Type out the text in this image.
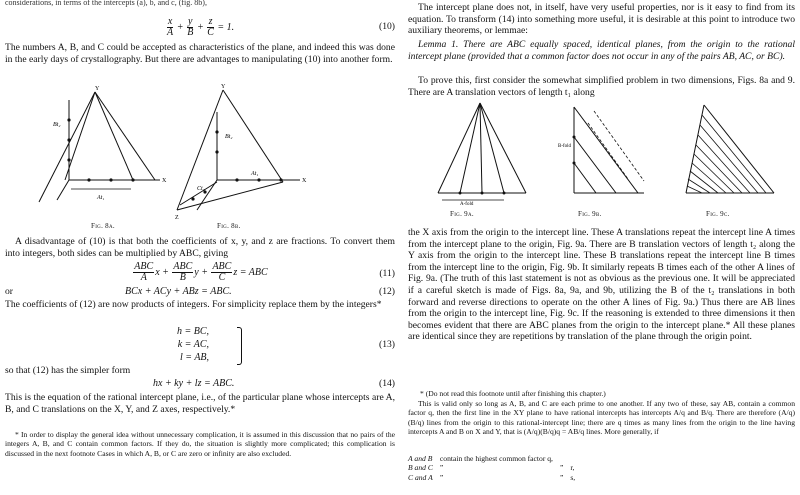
considerations, in terms of the intercepts (a), b, and c, (fig. 8b),
$\frac{x}{A} + \frac{y}{B} + \frac{z}{C} = 1$.	(10)

The numbers A, B, and C could be accepted as characteristics of the plane, and indeed this was done in the early days of crystallography. But there are advantages to manipulating (10) into another form.

At₁
Bt₂
Y
X
Fig. 8a.
Bt₂
At₁
Ct₃
Y
X
Z
Fig. 8b.

A disadvantage of (10) is that both the coefficients of x, y, and z are fractions. To convert them into integers, both sides can be multiplied by ABC, giving

$\frac{\text{ABC}}{A}$ $x + \frac{\text{ABC}}{B}$ $y + \frac{\text{ABC}}{C}$ z = ABC	(11)
or	BCx + ACy + ABz = ABC.	(12)

The coefficients of (12) are now products of integers. For simplicity replace them by the integers*

h = BC,
k = AC,
l = AB,
(13)

so that (12) has the simpler form

hx + ky + lz = ABC.	(14)

This is the equation of the rational intercept plane, i.e., of the particular plane whose intercepts are A, B, and C translations on the X, Y, and Z axes, respectively.*

* In order to display the general idea without unnecessary complication, it is assumed in this discussion that no pairs of the integers A, B, and C contain common factors. If they do, the situation is slightly more complicated; this complication is discussed in the next footnote Cases in which A, B, or C are zero or infinity are also excluded.

The intercept plane does not, in itself, have very useful properties, nor is it easy to find from its equation. To transform (14) into something more useful, it is desirable at this point to introduce two auxiliary theorems, or lemmae:

Lemma 1. There are ABC equally spaced, identical planes, from the origin to the rational intercept plane (provided that a common factor does not occur in any of the pairs AB, AC, or BC).

To prove this, first consider the somewhat simplified problem in two dimensions, Figs. 8a and 9. There are A translation vectors of length t₁ along

A-fold
Fig. 9a.
B-fold
Fig. 9b.	Fig. 9c.

the X axis from the origin to the intercept line. These A translations repeat the intercept line A times from the intercept plane to the origin, Fig. 9a. There are B translation vectors of length t₂ along the Y axis from the origin to the intercept line. These B translations repeat the intercept line B times from the intercept line to the origin, Fig. 9b. It similarly repeats B times each of the other A lines of Fig. 9a. (The truth of this last statement is not as obvious as the previous one. It will be appreciated if a careful sketch is made of Figs. 8a, 9a, and 9b, utilizing the B of the t₂ translations in both forward and reverse directions to operate on the other A lines of Fig. 9a.) Thus there are AB lines from the origin to the intercept line, Fig. 9c. If the reasoning is extended to three dimensions it then becomes evident that there are ABC planes from the origin to the intercept plane.* All these planes are identical since they are repetitions by translation of the plane through the origin point.

* (Do not read this footnote until after finishing this chapter.)

This is valid only so long as A, B, and C are each prime to one another. If any two of these, say AB, contain a common factor q, then the first line in the XY plane to have rational intercepts has intercepts A/q and B/q. There are therefore (A/q)(B/q) lines from the origin to this rational-intercept line; there are q times as many lines from the origin to the line having intercepts A and B on X and Y, that is (A/q)(B/q)q = AB/q lines. More generally, if

A and B	contain the highest common factor q,		
B and C	”	”	r,
C and A	”	”	s,
